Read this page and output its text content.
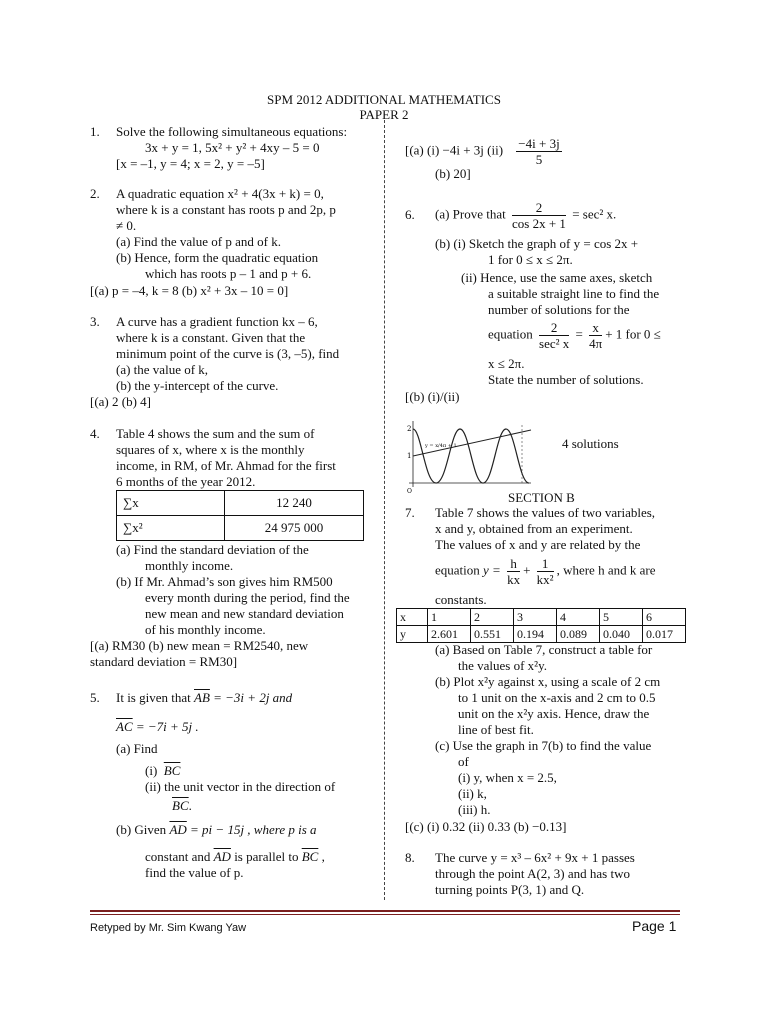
SPM 2012 ADDITIONAL MATHEMATICS
PAPER 2
1. Solve the following simultaneous equations:
3x + y = 1, 5x² + y² + 4xy – 5 = 0
[x = –1, y = 4; x = 2, y = –5]
2. A quadratic equation x² + 4(3x + k) = 0,
where k is a constant has roots p and 2p, p
≠ 0.
(a) Find the value of p and of k.
(b) Hence, form the quadratic equation
which has roots p – 1 and p + 6.
[(a) p = –4, k = 8 (b) x² + 3x – 10 = 0]
3. A curve has a gradient function kx – 6,
where k is a constant. Given that the
minimum point of the curve is (3, –5), find
(a) the value of k,
(b) the y-intercept of the curve.
[(a) 2 (b) 4]
4. Table 4 shows the sum and the sum of
squares of x, where x is the monthly
income, in RM, of Mr. Ahmad for the first
6 months of the year 2012.
∑x	12 240
∑x²	24 975 000
(a) Find the standard deviation of the
monthly income.
(b) If Mr. Ahmad’s son gives him RM500
every month during the period, find the
new mean and new standard deviation
of his monthly income.
[(a) RM30 (b) new mean = RM2540, new
standard deviation = RM30]
5. It is given that $\overline{AB} = -3i + 2j$ and
$\overline{AC} = -7i + 5j$ .
(a) Find
(i) $\overline{BC}$
(ii) the unit vector in the direction of
$\overline{BC}$.
(b) Given $\overline{AD}$ = pi − 15j , where p is a
constant and $\overline{AD}$ is parallel to $\overline{BC}$ ,
find the value of p.
[(a) (i) −4i + 3j $(ii) \frac{-4i + 3j}{5}$
(b) 20]
6. (a) Prove that $\frac{2}{\cos 2x + 1} = \sec^2$ x.
(b) (i) Sketch the graph of y = cos 2x +
1 for 0 ≤ x ≤ 2π.
(ii) Hence, use the same axes, sketch
a suitable straight line to find the
number of solutions for the
equation $\frac{2}{\text{sec² x}} = \frac{x}{4\pi} + 1$ for 0 ≤
x ≤ 2π.
State the number of solutions.
[(b) (i)/(ii)
2
1
O
y = x/4π + 1	4 solutions
SECTION B
7. Table 7 shows the values of two variables,
x and y, obtained from an experiment.
The values of x and y are related by the
equation $y = \frac{h}{kx} + \frac{1}{\text{kx²}}$ , where h and k are
constants.
x	1	2	3	4	5	6
y	2.601	0.551	0.194	0.089	0.040	0.017
(a) Based on Table 7, construct a table for
the values of x²y.
(b) Plot x²y against x, using a scale of 2 cm
to 1 unit on the x-axis and 2 cm to 0.5
unit on the x²y axis. Hence, draw the
line of best fit.
(c) Use the graph in 7(b) to find the value
of
(i) y, when x = 2.5,
(ii) k,
(iii) h.
[(c) (i) 0.32 (ii) 0.33 (b) −0.13]
8. The curve y = x³ – 6x² + 9x + 1 passes
through the point A(2, 3) and has two
turning points P(3, 1) and Q.
Retyped by Mr. Sim Kwang Yaw	Page 1
